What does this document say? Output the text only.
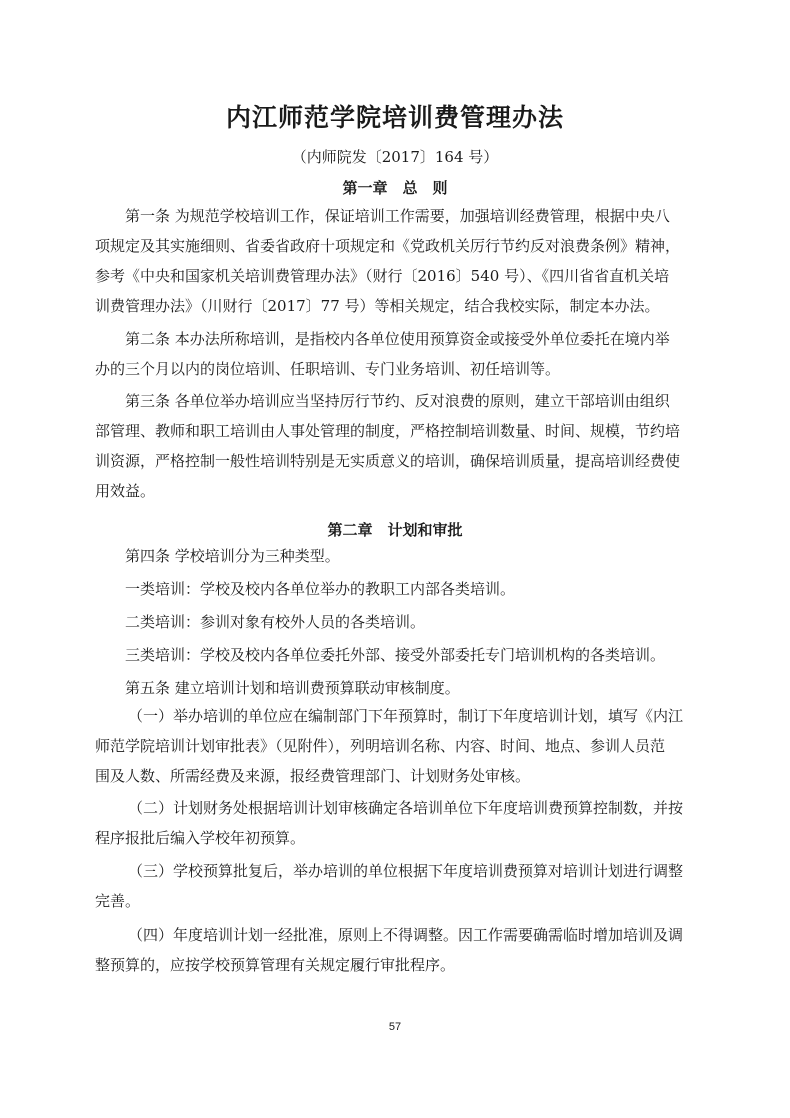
内江师范学院培训费管理办法
（内师院发〔2017〕164 号）
第一章　总　则
第一条 为规范学校培训工作，保证培训工作需要，加强培训经费管理，根据中央八
项规定及其实施细则、省委省政府十项规定和《党政机关厉行节约反对浪费条例》精神，
参考《中央和国家机关培训费管理办法》（财行〔2016〕540 号）、《四川省省直机关培
训费管理办法》（川财行〔2017〕77 号）等相关规定，结合我校实际，制定本办法。
第二条 本办法所称培训，是指校内各单位使用预算资金或接受外单位委托在境内举
办的三个月以内的岗位培训、任职培训、专门业务培训、初任培训等。
第三条 各单位举办培训应当坚持厉行节约、反对浪费的原则，建立干部培训由组织
部管理、教师和职工培训由人事处管理的制度，严格控制培训数量、时间、规模，节约培
训资源，严格控制一般性培训特别是无实质意义的培训，确保培训质量，提高培训经费使
用效益。
第二章　计划和审批
第四条 学校培训分为三种类型。
一类培训：学校及校内各单位举办的教职工内部各类培训。
二类培训：参训对象有校外人员的各类培训。
三类培训：学校及校内各单位委托外部、接受外部委托专门培训机构的各类培训。
第五条 建立培训计划和培训费预算联动审核制度。
（一）举办培训的单位应在编制部门下年预算时，制订下年度培训计划，填写《内江
师范学院培训计划审批表》（见附件），列明培训名称、内容、时间、地点、参训人员范
围及人数、所需经费及来源，报经费管理部门、计划财务处审核。
（二）计划财务处根据培训计划审核确定各培训单位下年度培训费预算控制数，并按
程序报批后编入学校年初预算。
（三）学校预算批复后，举办培训的单位根据下年度培训费预算对培训计划进行调整
完善。
（四）年度培训计划一经批准，原则上不得调整。因工作需要确需临时增加培训及调
整预算的，应按学校预算管理有关规定履行审批程序。
57
